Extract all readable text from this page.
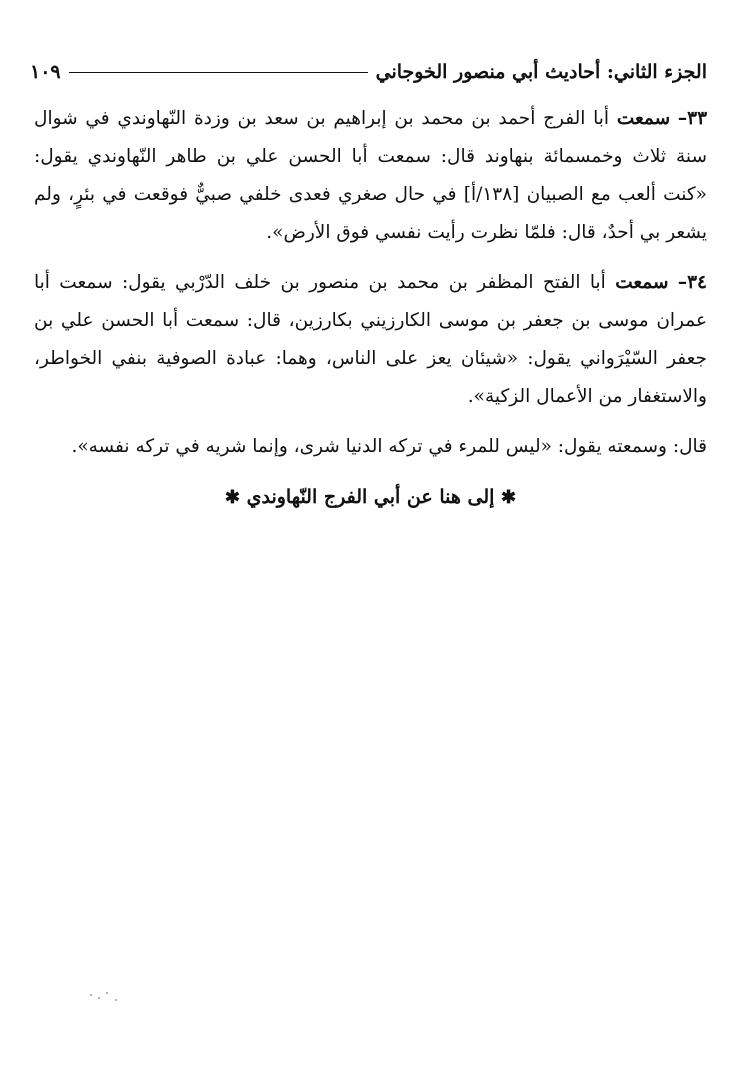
الجزء الثاني: أحاديث أبي منصور الخوجاني
١٠٩

٣٣– سمعت أبا الفرج أحمد بن محمد بن إبراهيم بن سعد بن وزدة النّهاوندي في شوال سنة ثلاث وخمسمائة بنهاوند قال: سمعت أبا الحسن علي بن طاهر النّهاوندي يقول: «كنت ألعب مع الصبيان [١٣٨/أ] في حال صغري فعدى خلفي صبيٌّ فوقعت في بئرٍ، ولم يشعر بي أحدٌ، قال: فلمّا نظرت رأيت نفسي فوق الأرض».

٣٤– سمعت أبا الفتح المظفر بن محمد بن منصور بن خلف الدّرْبي يقول: سمعت أبا عمران موسى بن جعفر بن موسى الكارزيني بكارزين، قال: سمعت أبا الحسن علي بن جعفر السّيْرَواني يقول: «شيئان يعز على الناس، وهما: عبادة الصوفية بنفي الخواطر، والاستغفار من الأعمال الزكية».

قال: وسمعته يقول: «ليس للمرء في تركه الدنيا شرى، وإنما شريه في تركه نفسه».

✱ إلى هنا عن أبي الفرج النّهاوندي ✱
